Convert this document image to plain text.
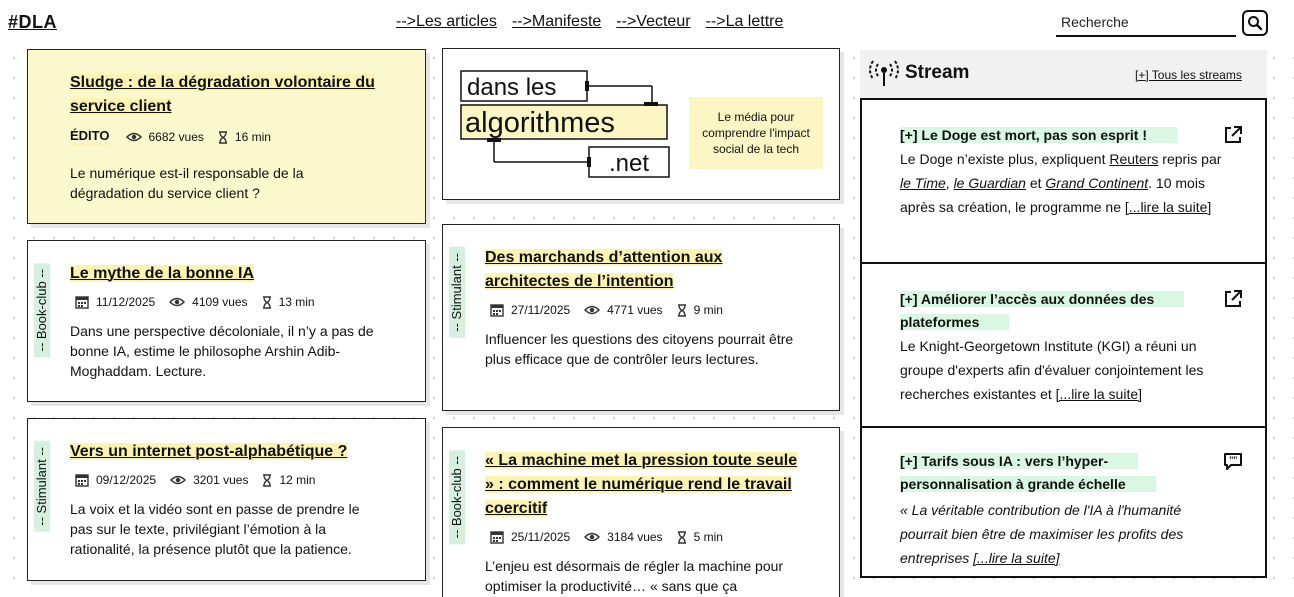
#DLA	-->Les articles -->Manifeste -->Vecteur -->La lettre
Recherche
Sludge : de la dégradation volontaire du service client
ÉDITO	6682 vues	16 min
Le numérique est-il responsable de la dégradation du service client ?
dans les
algorithmes
.net
Le média pour comprendre l'impact social de la tech
-- Book-club -- Le mythe de la bonne IA
11/12/2025	4109 vues	13 min
Dans une perspective décoloniale, il n’y a pas de bonne IA, estime le philosophe Arshin Adib-Moghaddam. Lecture.
-- Stimulant -- Des marchands d’attention aux architectes de l’intention
27/11/2025	4771 vues	9 min
Influencer les questions des citoyens pourrait être plus efficace que de contrôler leurs lectures.
-- Stimulant -- Vers un internet post-alphabétique ?
09/12/2025	3201 vues	12 min
La voix et la vidéo sont en passe de prendre le pas sur le texte, privilégiant l’émotion à la rationalité, la présence plutôt que la patience.
-- Book-club -- « La machine met la pression toute seule » : comment le numérique rend le travail coercitif
25/11/2025	3184 vues	5 min
L’enjeu est désormais de régler la machine pour optimiser la productivité… « sans que ça
Stream	[+] Tous les streams
[+] Le Doge est mort, pas son esprit !
Le Doge n’existe plus, expliquent Reuters repris par le Time, le Guardian et Grand Continent. 10 mois après sa création, le programme ne [...lire la suite]
[+] Améliorer l’accès aux données des plateformes
Le Knight-Georgetown Institute (KGI) a réuni un groupe d'experts afin d'évaluer conjointement les recherches existantes et [...lire la suite]
[+] Tarifs sous IA : vers l’hyper-personnalisation à grande échelle
« La véritable contribution de l'IA à l'humanité pourrait bien être de maximiser les profits des entreprises [...lire la suite]
” ”
